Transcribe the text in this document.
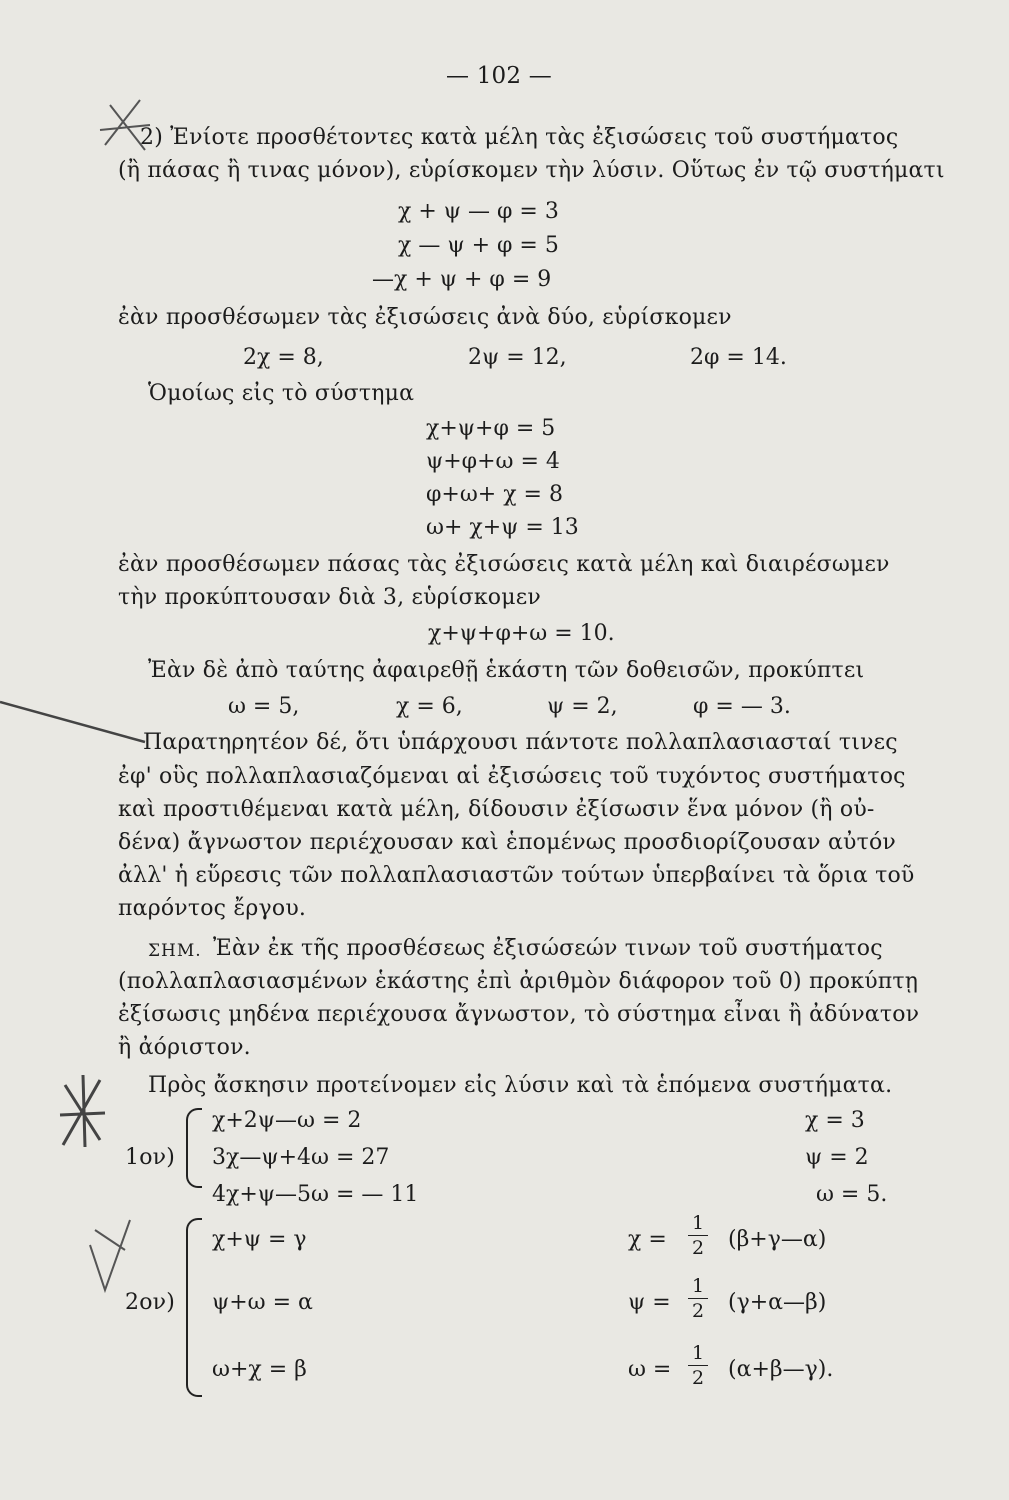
— 102 —
2) Ἐνίοτε προσθέτοντες κατὰ μέλη τὰς ἐξισώσεις τοῦ συστήματος
(ἢ πάσας ἢ τινας μόνον), εὑρίσκομεν τὴν λύσιν. Οὕτως ἐν τῷ συστήματι
χ + ψ — φ = 3
χ — ψ + φ = 5
—χ + ψ + φ = 9
ἐὰν προσθέσωμεν τὰς ἐξισώσεις ἀνὰ δύο, εὑρίσκομεν
2χ = 8,	2ψ = 12,	2φ = 14.
Ὁμοίως εἰς τὸ σύστημα
χ+ψ+φ = 5
ψ+φ+ω = 4
φ+ω+ χ = 8
ω+ χ+ψ = 13
ἐὰν προσθέσωμεν πάσας τὰς ἐξισώσεις κατὰ μέλη καὶ διαιρέσωμεν
τὴν προκύπτουσαν διὰ 3, εὑρίσκομεν
χ+ψ+φ+ω = 10.
Ἐὰν δὲ ἀπὸ ταύτης ἀφαιρεθῇ ἑκάστη τῶν δοθεισῶν, προκύπτει
ω = 5,	χ = 6,	ψ = 2,	φ = — 3.
Παρατηρητέον δέ, ὅτι ὑπάρχουσι πάντοτε πολλαπλασιασταί τινες
ἐφ' οὓς πολλαπλασιαζόμεναι αἱ ἐξισώσεις τοῦ τυχόντος συστήματος
καὶ προστιθέμεναι κατὰ μέλη, δίδουσιν ἐξίσωσιν ἕνα μόνον (ἢ οὐ-
δένα) ἄγνωστον περιέχουσαν καὶ ἑπομένως προσδιορίζουσαν αὐτόν
ἀλλ' ἡ εὕρεσις τῶν πολλαπλασιαστῶν τούτων ὑπερβαίνει τὰ ὅρια τοῦ
παρόντος ἔργου.
ΣΗΜ. Ἐὰν ἐκ τῆς προσθέσεως ἐξισώσεών τινων τοῦ συστήματος
(πολλαπλασιασμένων ἑκάστης ἐπὶ ἀριθμὸν διάφορον τοῦ 0) προκύπτῃ
ἐξίσωσις μηδένα περιέχουσα ἄγνωστον, τὸ σύστημα εἶναι ἢ ἀδύνατον
ἢ ἀόριστον.
Πρὸς ἄσκησιν προτείνομεν εἰς λύσιν καὶ τὰ ἑπόμενα συστήματα.
1ον)
χ+2ψ—ω = 2
3χ—ψ+4ω = 27
4χ+ψ—5ω = — 11
χ = 3
ψ = 2
ω = 5.
2ον)
χ+ψ = γ
ψ+ω = α
ω+χ = β
χ =
1
2 (β+γ—α)
ψ =
1
2 (γ+α—β)
ω =
1
2 (α+β—γ).
